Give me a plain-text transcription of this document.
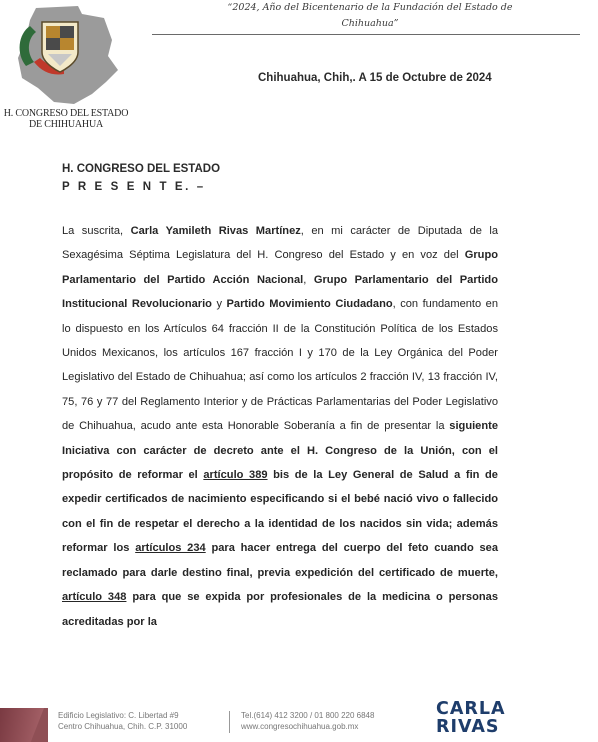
H. CONGRESO DEL ESTADO
DE CHIHUAHUA
“2024, Año del Bicentenario de la Fundación del Estado de
Chihuahua”
Chihuahua, Chih,. A 15 de Octubre de 2024
H. CONGRESO DEL ESTADO
P R E S E N T E. –
La suscrita, Carla Yamileth Rivas Martínez, en mi carácter de Diputada de la Sexagésima Séptima Legislatura del H. Congreso del Estado y en voz del Grupo Parlamentario del Partido Acción Nacional, Grupo Parlamentario del Partido Institucional Revolucionario y Partido Movimiento Ciudadano, con fundamento en lo dispuesto en los Artículos 64 fracción II de la Constitución Política de los Estados Unidos Mexicanos, los artículos 167 fracción I y 170 de la Ley Orgánica del Poder Legislativo del Estado de Chihuahua; así como los artículos 2 fracción IV, 13 fracción IV, 75, 76 y 77 del Reglamento Interior y de Prácticas Parlamentarias del Poder Legislativo de Chihuahua, acudo ante esta Honorable Soberanía a fin de presentar la siguiente Iniciativa con carácter de decreto ante el H. Congreso de la Unión, con el propósito de reformar el artículo 389 bis de la Ley General de Salud a fin de expedir certificados de nacimiento especificando si el bebé nació vivo o fallecido con el fin de respetar el derecho a la identidad de los nacidos sin vida; además reformar los artículos 234 para hacer entrega del cuerpo del feto cuando sea reclamado para darle destino final, previa expedición del certificado de muerte, artículo 348 para que se expida por profesionales de la medicina o personas acreditadas por la
Edificio Legislativo: C. Libertad #9
Centro Chihuahua, Chih. C.P. 31000
Tel.(614) 412 3200 / 01 800 220 6848
www.congresochihuahua.gob.mx
CARLA
RIVAS
